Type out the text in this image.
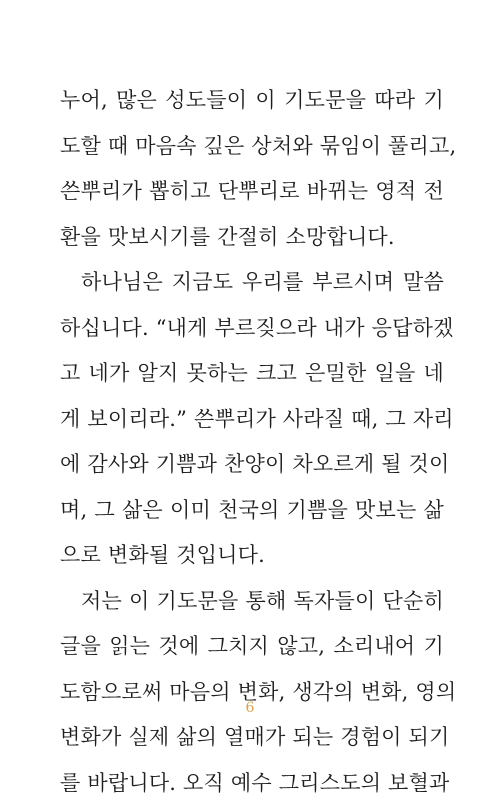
누어, 많은 성도들이 이 기도문을 따라 기
도할 때 마음속 깊은 상처와 묶임이 풀리고,
쓴뿌리가 뽑히고 단뿌리로 바뀌는 영적 전
환을 맛보시기를 간절히 소망합니다.
하나님은 지금도 우리를 부르시며 말씀
하십니다. “내게 부르짖으라 내가 응답하겠
고 네가 알지 못하는 크고 은밀한 일을 네
게 보이리라.” 쓴뿌리가 사라질 때, 그 자리
에 감사와 기쁨과 찬양이 차오르게 될 것이
며, 그 삶은 이미 천국의 기쁨을 맛보는 삶
으로 변화될 것입니다.
저는 이 기도문을 통해 독자들이 단순히
글을 읽는 것에 그치지 않고, 소리내어 기
도함으로써 마음의 변화, 생각의 변화, 영의
변화가 실제 삶의 열매가 되는 경험이 되기
를 바랍니다. 오직 예수 그리스도의 보혈과
6
